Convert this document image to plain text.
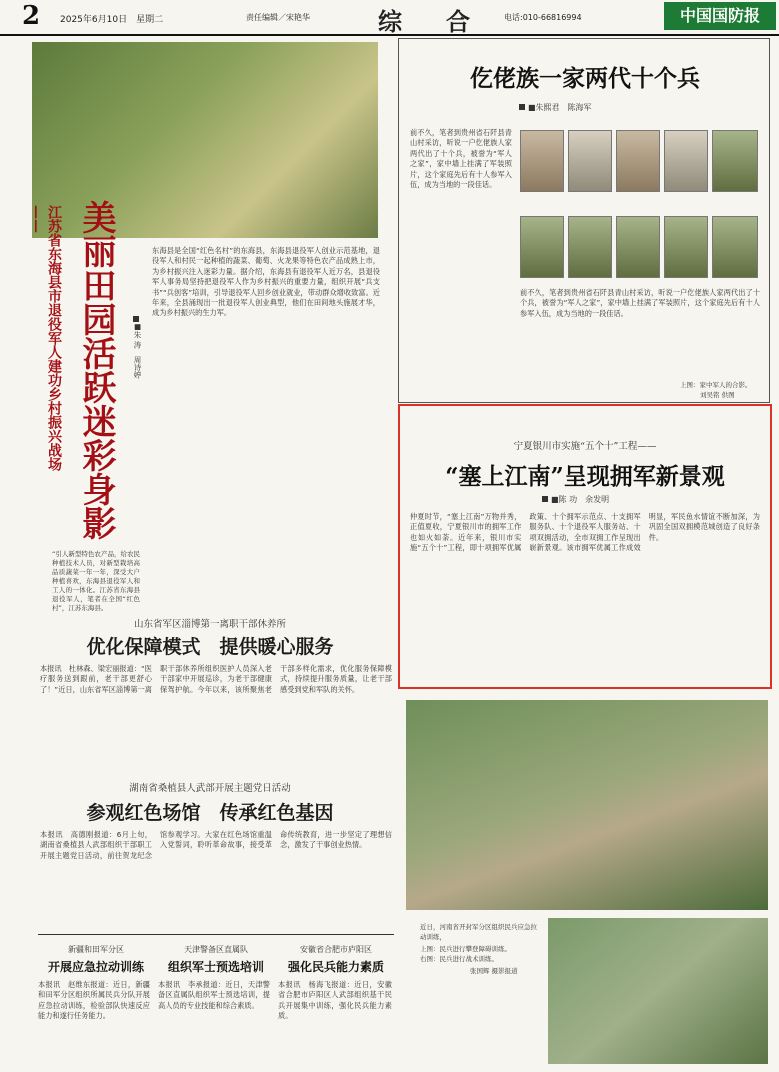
2 2025年6月10日　星期二	责任编辑／宋艳华	综　合	电话:010-66816994	中国国防报
江苏省东海县市退役军人建功乡村振兴战场—— 美丽田园活跃迷彩身影	■朱 涛　周诗婷
“引人新型特色农产品，给农民种植技术人员，对新型栽培高品质蔬菜一年一年，深受大户种植喜欢，东海县退役军人和工人的一体化。江苏省东海县退役军人，笔者在全国“红色村”，江苏东海县。
东海县是全国“红色名村”的东海县，东海县退役军人创业示范基地，退役军人和村民一起种植的蔬菜、葡萄、火龙果等特色农产品成熟上市，为乡村振兴注入迷彩力量。据介绍，东海县有退役军人近万名，县退役军人事务局坚持把退役军人作为乡村振兴的重要力量，组织开展“兵支书”“兵创客”培训，引导退役军人回乡创业就业，带动群众增收致富。近年来，全县涌现出一批退役军人创业典型，他们在田间地头施展才华，成为乡村振兴的生力军。
仡佬族一家两代十个兵
■朱熙君　陈海军
前不久，笔者到贵州省石阡县青山村采访，听说一户仡佬族人家两代出了十个兵，被誉为“军人之家”，家中墙上挂满了军装照片，这个家庭先后有十人参军入伍，成为当地的一段佳话。
前不久，笔者到贵州省石阡县青山村采访，听说一户仡佬族人家两代出了十个兵，被誉为“军人之家”，家中墙上挂满了军装照片，这个家庭先后有十人参军入伍，成为当地的一段佳话。
上图：家中军人的合影。
刘吴铭 供图
宁夏银川市实施“五个十”工程——
“塞上江南”呈现拥军新景观
■陈 功　余发明
仲夏时节，“塞上江南”万物并秀，正值夏收，宁夏银川市的拥军工作也如火如荼。近年来，银川市实施“五个十”工程，即十项拥军优属政策、十个拥军示范点、十支拥军服务队、十个退役军人服务站、十项双拥活动，全市双拥工作呈现出崭新景观。该市拥军优属工作成效明显，军民鱼水情谊不断加深，为巩固全国双拥模范城创造了良好条件。
近日，河南省开封军分区组织民兵应急拉动训练，
上图：民兵进行攀登障碍训练。
右图：民兵进行战术训练。
张国辉 摄影报道
山东省军区淄博第一离职干部休养所
优化保障模式　提供暖心服务
本报讯　杜林森、梁宏丽报道：“医疗服务送到跟前，老干部更舒心了！”近日，山东省军区淄博第一离职干部休养所组织医护人员深入老干部家中开展巡诊，为老干部健康保驾护航。今年以来，该所聚焦老干部多样化需求，优化服务保障模式，持续提升服务质量，让老干部感受到党和军队的关怀。
湖南省桑植县人武部开展主题党日活动
参观红色场馆　传承红色基因
本报讯　高德刚报道：6月上旬，湖南省桑植县人武部组织干部职工开展主题党日活动，前往贺龙纪念馆参观学习。大家在红色场馆重温入党誓词，聆听革命故事，接受革命传统教育，进一步坚定了理想信念，激发了干事创业热情。
新疆和田军分区
开展应急拉动训练
本报讯　赵维东报道：近日，新疆和田军分区组织所属民兵分队开展应急拉动训练，检验部队快速反应能力和遂行任务能力。
天津警备区直属队
组织军士预选培训
本报讯　李承报道：近日，天津警备区直属队组织军士预选培训，提高人员的专业技能和综合素质。
安徽省合肥市庐阳区
强化民兵能力素质
本报讯　杨海飞报道：近日，安徽省合肥市庐阳区人武部组织基干民兵开展集中训练，强化民兵能力素质。
